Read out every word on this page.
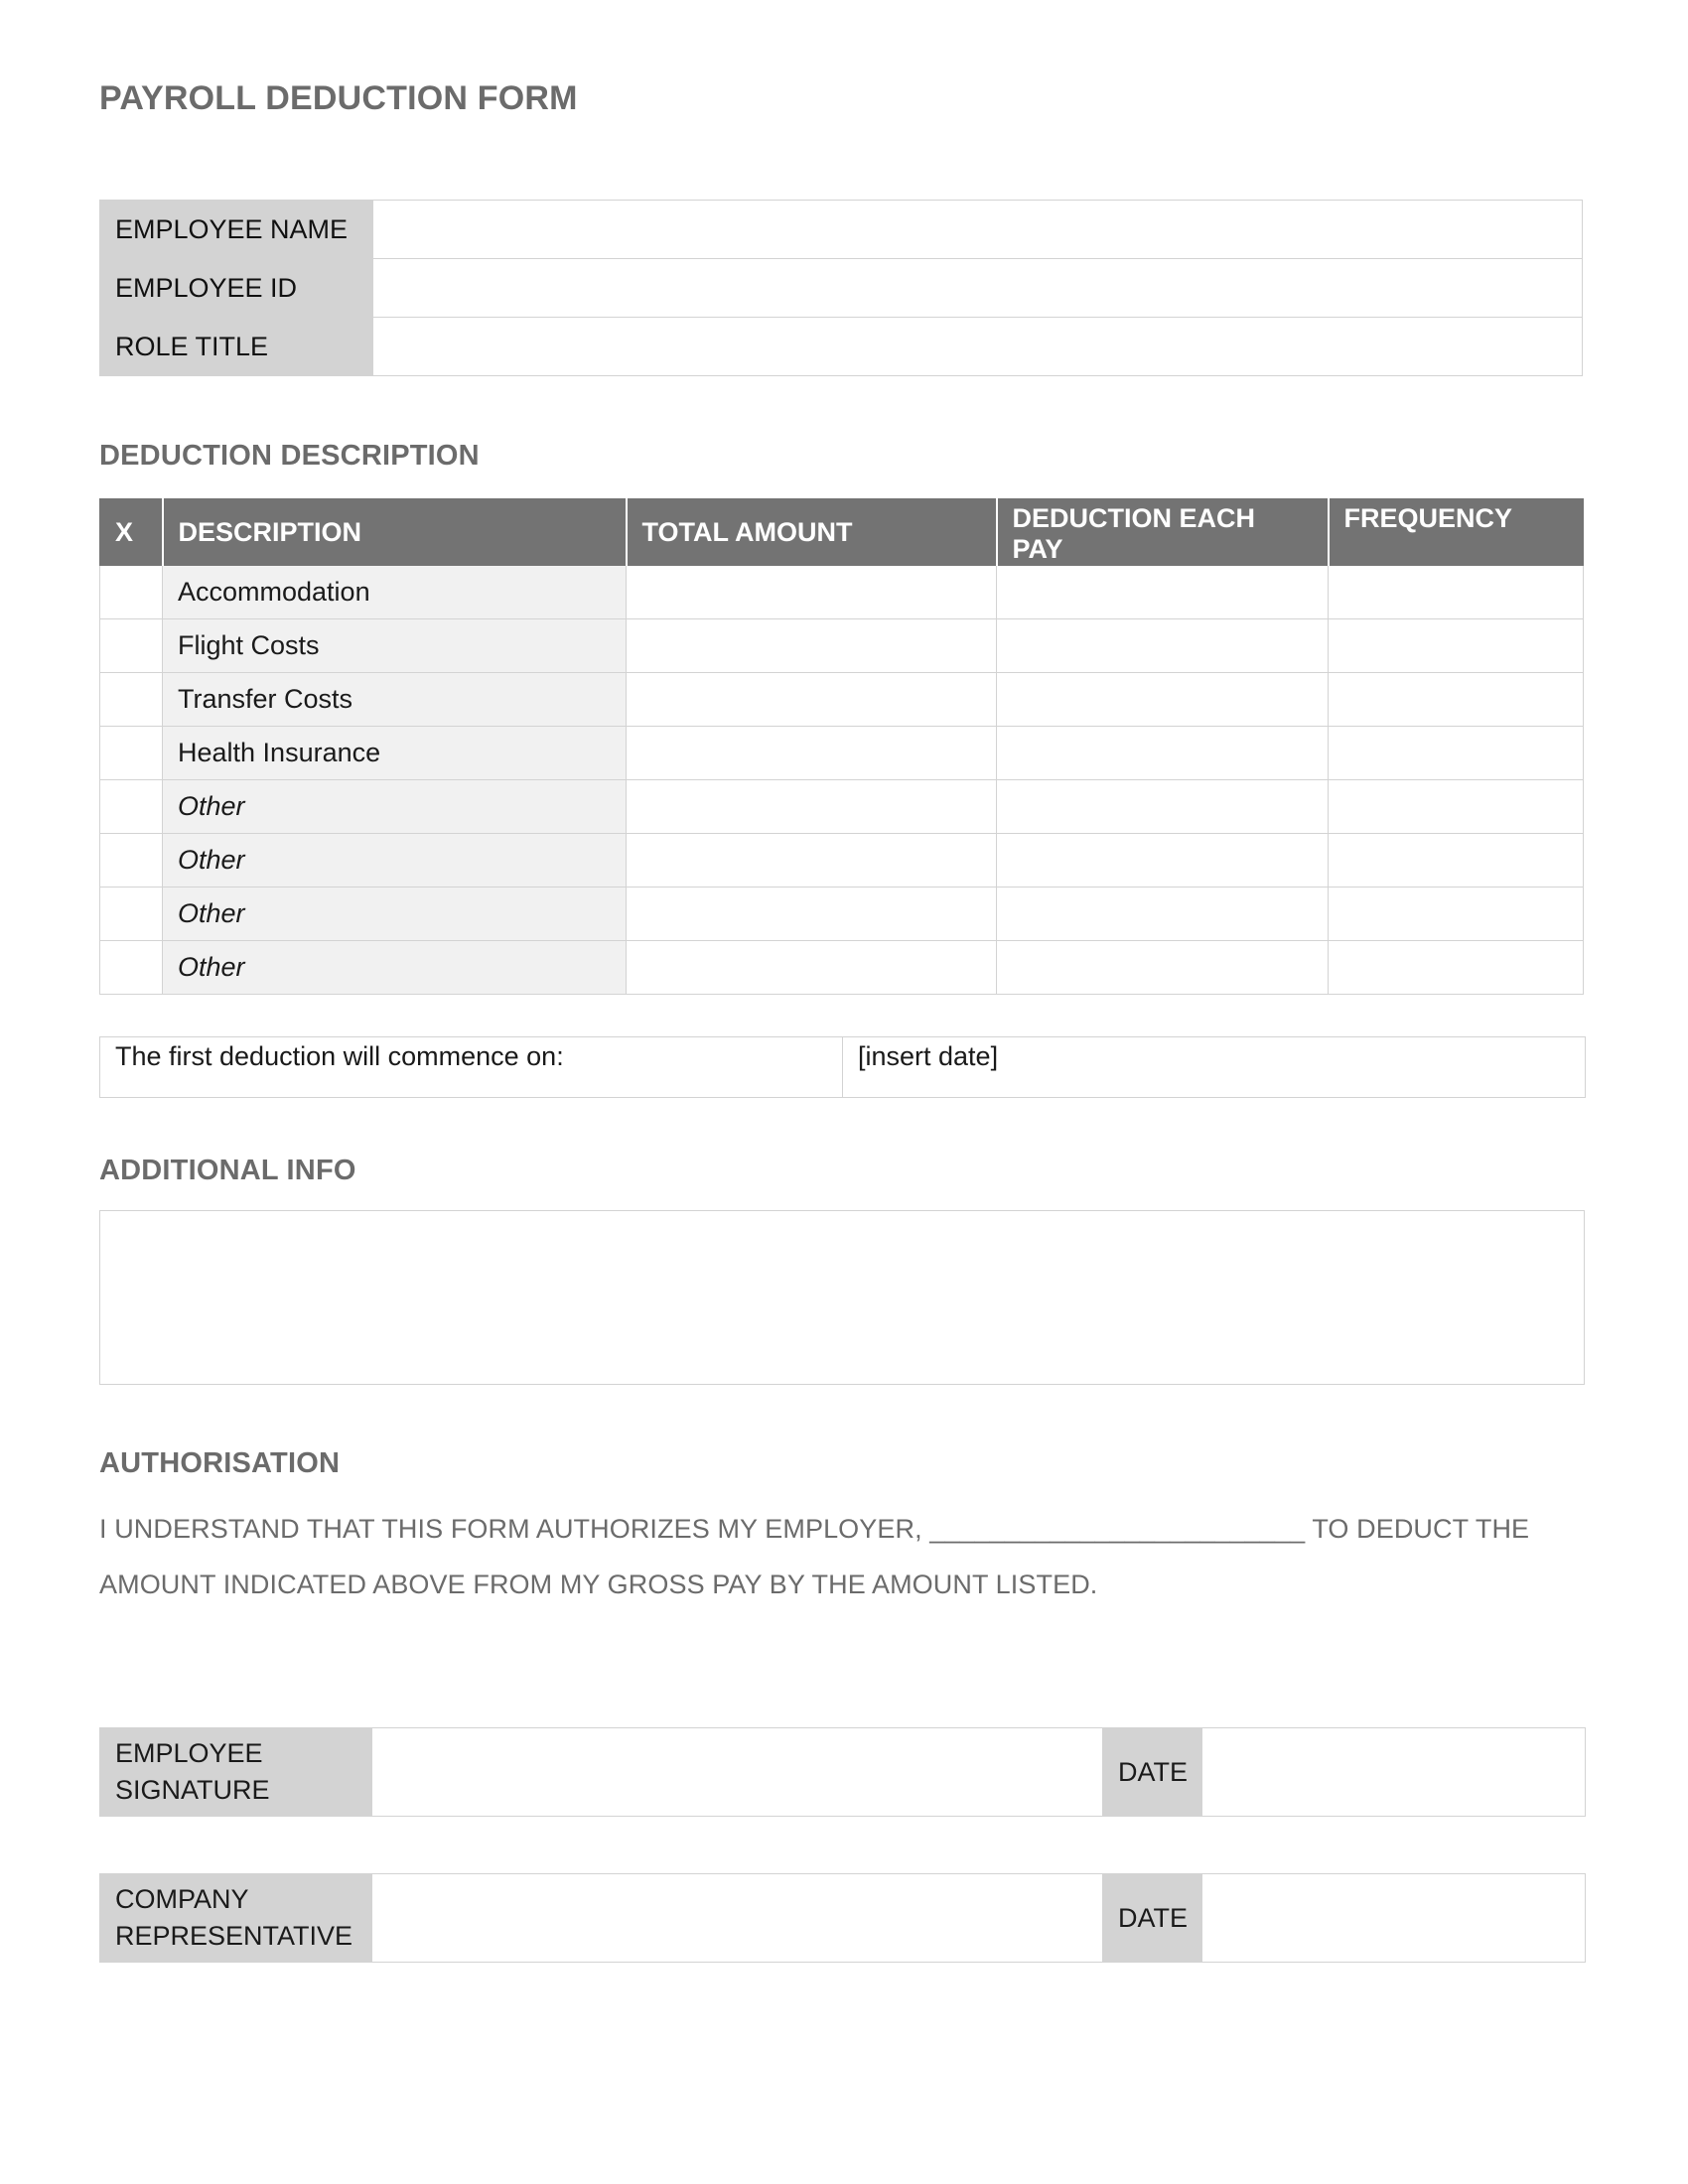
PAYROLL DEDUCTION FORM
EMPLOYEE NAME	
EMPLOYEE ID	
ROLE TITLE	
DEDUCTION DESCRIPTION
X	DESCRIPTION	TOTAL AMOUNT	DEDUCTION EACH PAY	FREQUENCY
	Accommodation			
	Flight Costs			
	Transfer Costs			
	Health Insurance			
	Other			
	Other			
	Other			
	Other			
The first deduction will commence on:	[insert date]
ADDITIONAL INFO
AUTHORISATION
I UNDERSTAND THAT THIS FORM AUTHORIZES MY EMPLOYER, _________________________ TO DEDUCT THE AMOUNT INDICATED ABOVE FROM MY GROSS PAY BY THE AMOUNT LISTED.
EMPLOYEE
SIGNATURE		DATE	
COMPANY
REPRESENTATIVE		DATE	
